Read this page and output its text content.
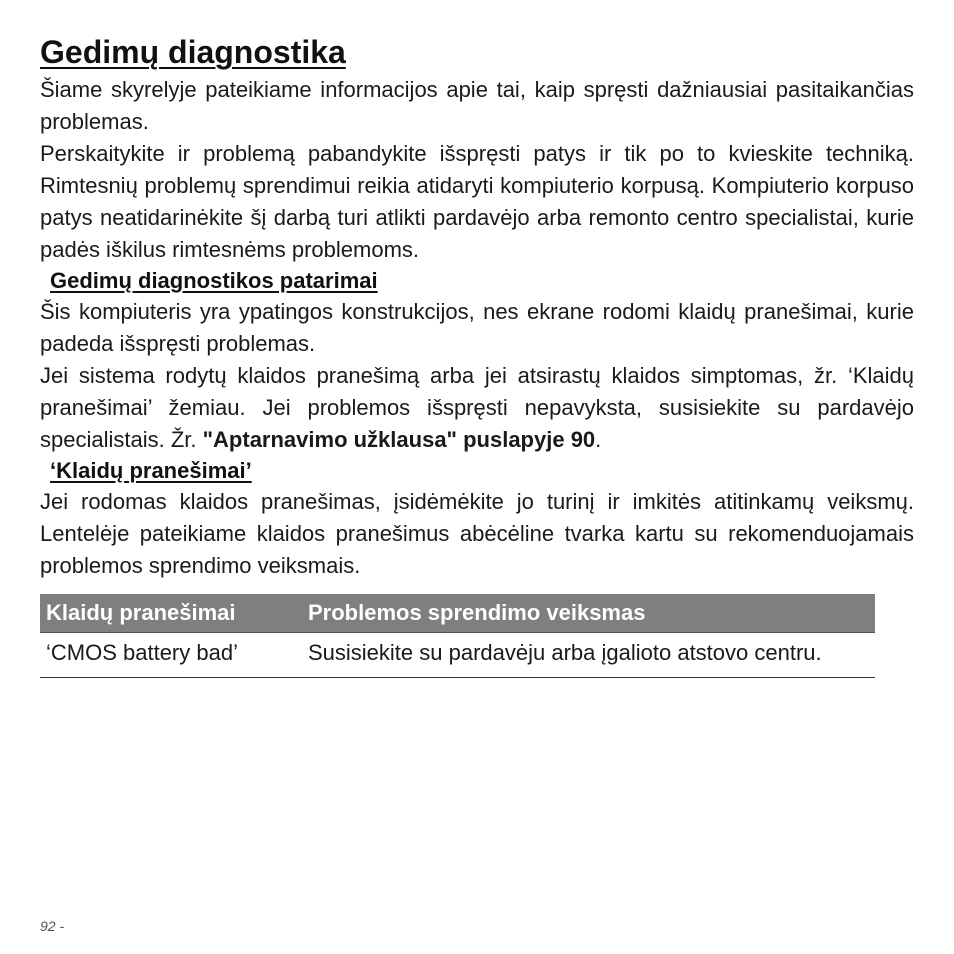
Gedimų diagnostika

Šiame skyrelyje pateikiame informacijos apie tai, kaip spręsti dažniausiai pasitaikančias problemas.

Perskaitykite ir problemą pabandykite išspręsti patys ir tik po to kvieskite techniką. Rimtesnių problemų sprendimui reikia atidaryti kompiuterio korpusą. Kompiuterio korpuso patys neatidarinėkite šį darbą turi atlikti pardavėjo arba remonto centro specialistai, kurie padės iškilus rimtesnėms problemoms.

Gedimų diagnostikos patarimai

Šis kompiuteris yra ypatingos konstrukcijos, nes ekrane rodomi klaidų pranešimai, kurie padeda išspręsti problemas.

Jei sistema rodytų klaidos pranešimą arba jei atsirastų klaidos simptomas, žr. ‘Klaidų pranešimai’ žemiau. Jei problemos išspręsti nepavyksta, susisiekite su pardavėjo specialistais. Žr. "Aptarnavimo užklausa" puslapyje 90.

‘Klaidų pranešimai’

Jei rodomas klaidos pranešimas, įsidėmėkite jo turinį ir imkitės atitinkamų veiksmų. Lentelėje pateikiame klaidos pranešimus abėcėline tvarka kartu su rekomenduojamais problemos sprendimo veiksmais.

Klaidų pranešimai	Problemos sprendimo veiksmas
‘CMOS battery bad’	Susisiekite su pardavėju arba įgalioto atstovo centru.
92 -
